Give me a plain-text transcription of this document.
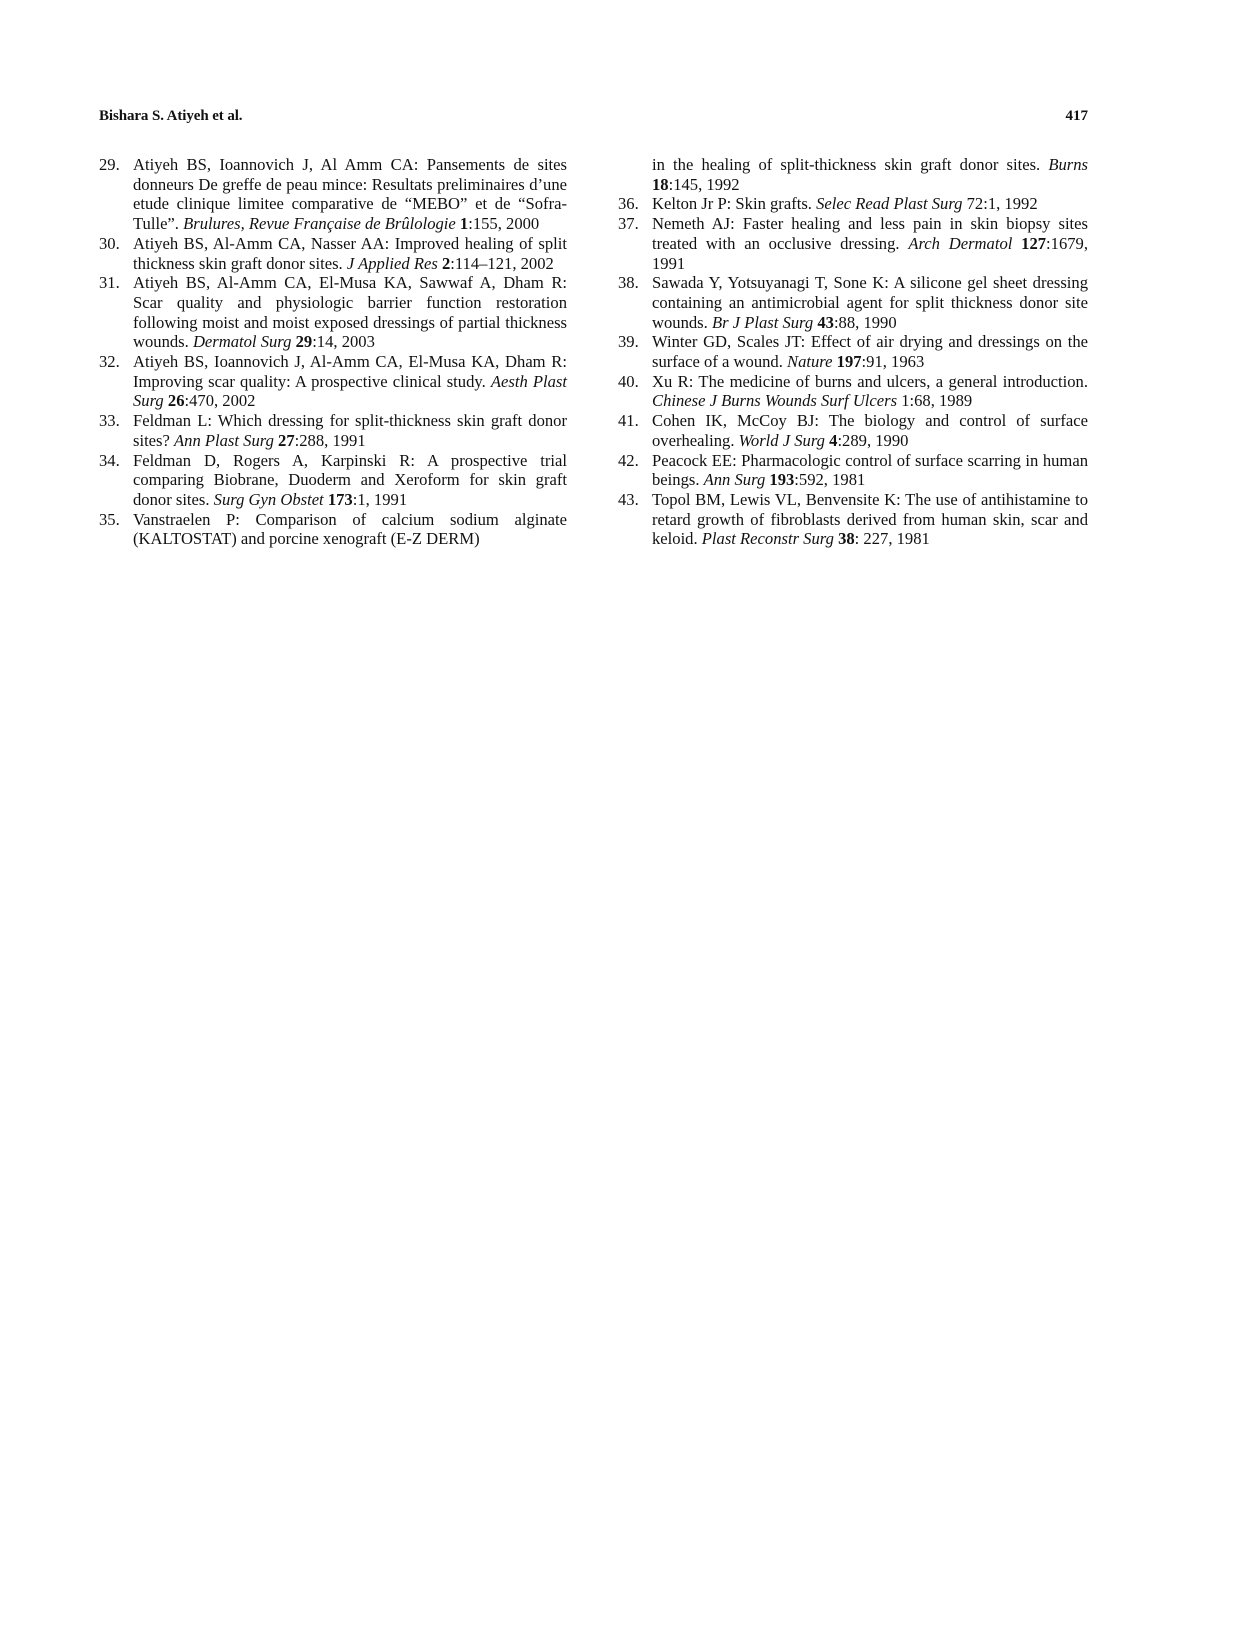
Bishara S. Atiyeh et al.	417
29. Atiyeh BS, Ioannovich J, Al Amm CA: Pansements de sites donneurs De greffe de peau mince: Resultats preliminaires d’une etude clinique limitee comparative de “MEBO” et de “Sofra-Tulle”. Brulures, Revue Française de Brûlologie 1:155, 2000
30. Atiyeh BS, Al-Amm CA, Nasser AA: Improved healing of split thickness skin graft donor sites. J Applied Res 2:114–121, 2002
31. Atiyeh BS, Al-Amm CA, El-Musa KA, Sawwaf A, Dham R: Scar quality and physiologic barrier function restoration following moist and moist exposed dressings of partial thickness wounds. Dermatol Surg 29:14, 2003
32. Atiyeh BS, Ioannovich J, Al-Amm CA, El-Musa KA, Dham R: Improving scar quality: A prospective clinical study. Aesth Plast Surg 26:470, 2002
33. Feldman L: Which dressing for split-thickness skin graft donor sites? Ann Plast Surg 27:288, 1991
34. Feldman D, Rogers A, Karpinski R: A prospective trial comparing Biobrane, Duoderm and Xeroform for skin graft donor sites. Surg Gyn Obstet 173:1, 1991
35. Vanstraelen P: Comparison of calcium sodium alginate (KALTOSTAT) and porcine xenograft (E-Z DERM)
in the healing of split-thickness skin graft donor sites. Burns 18:145, 1992
36. Kelton Jr P: Skin grafts. Selec Read Plast Surg 72:1, 1992
37. Nemeth AJ: Faster healing and less pain in skin biopsy sites treated with an occlusive dressing. Arch Dermatol 127:1679, 1991
38. Sawada Y, Yotsuyanagi T, Sone K: A silicone gel sheet dressing containing an antimicrobial agent for split thickness donor site wounds. Br J Plast Surg 43:88, 1990
39. Winter GD, Scales JT: Effect of air drying and dressings on the surface of a wound. Nature 197:91, 1963
40. Xu R: The medicine of burns and ulcers, a general introduction. Chinese J Burns Wounds Surf Ulcers 1:68, 1989
41. Cohen IK, McCoy BJ: The biology and control of surface overhealing. World J Surg 4:289, 1990
42. Peacock EE: Pharmacologic control of surface scarring in human beings. Ann Surg 193:592, 1981
43. Topol BM, Lewis VL, Benvensite K: The use of antihistamine to retard growth of fibroblasts derived from human skin, scar and keloid. Plast Reconstr Surg 38: 227, 1981
